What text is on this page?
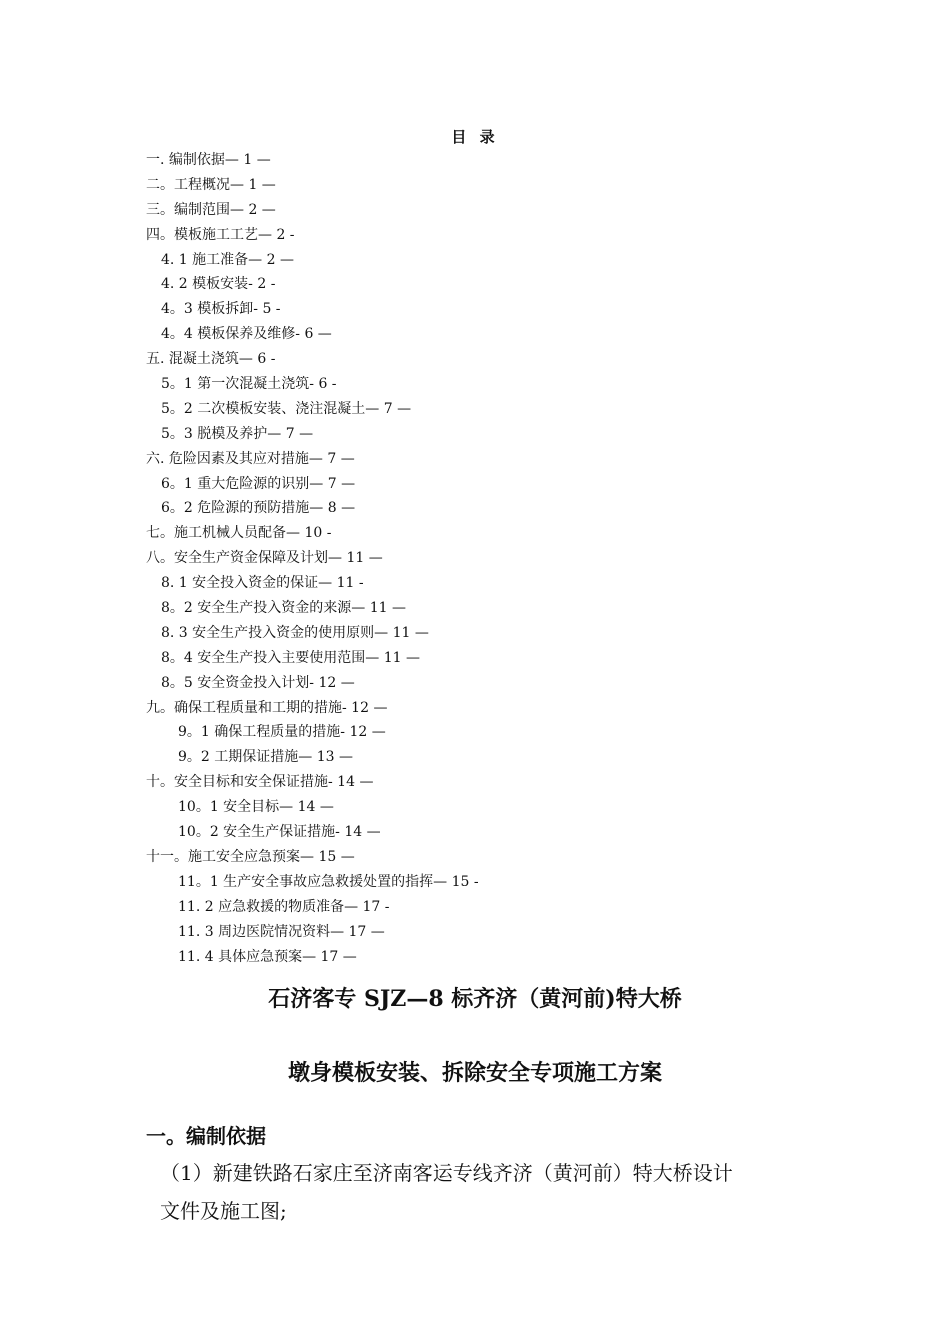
目 录
一. 编制依据— 1 —
二。工程概况— 1 —
三。编制范围— 2 —
四。模板施工工艺— 2 -
4. 1 施工准备— 2 —
4. 2 模板安装- 2 -
4。3 模板拆卸- 5 -
4。4 模板保养及维修- 6 —
五. 混凝土浇筑— 6 -
5。1 第一次混凝土浇筑- 6 -
5。2 二次模板安装、浇注混凝土— 7 —
5。3 脱模及养护— 7 —
六. 危险因素及其应对措施— 7 —
6。1 重大危险源的识别— 7 —
6。2 危险源的预防措施— 8 —
七。施工机械人员配备— 10 -
八。安全生产资金保障及计划— 11 —
8. 1 安全投入资金的保证— 11 -
8。2 安全生产投入资金的来源— 11 —
8. 3 安全生产投入资金的使用原则— 11 —
8。4 安全生产投入主要使用范围— 11 —
8。5 安全资金投入计划- 12 —
九。确保工程质量和工期的措施- 12 —
9。1 确保工程质量的措施- 12 —
9。2 工期保证措施— 13 —
十。安全目标和安全保证措施- 14 —
10。1 安全目标— 14 —
10。2 安全生产保证措施- 14 —
十一。施工安全应急预案— 15 —
11。1 生产安全事故应急救援处置的指挥— 15 -
11. 2 应急救援的物质准备— 17 -
11. 3 周边医院情况资料— 17 —
11. 4 具体应急预案— 17 —
石济客专 SJZ—8 标齐济（黄河前)特大桥
墩身模板安装、拆除安全专项施工方案
一。编制依据
（1）新建铁路石家庄至济南客运专线齐济（黄河前）特大桥设计
文件及施工图;
